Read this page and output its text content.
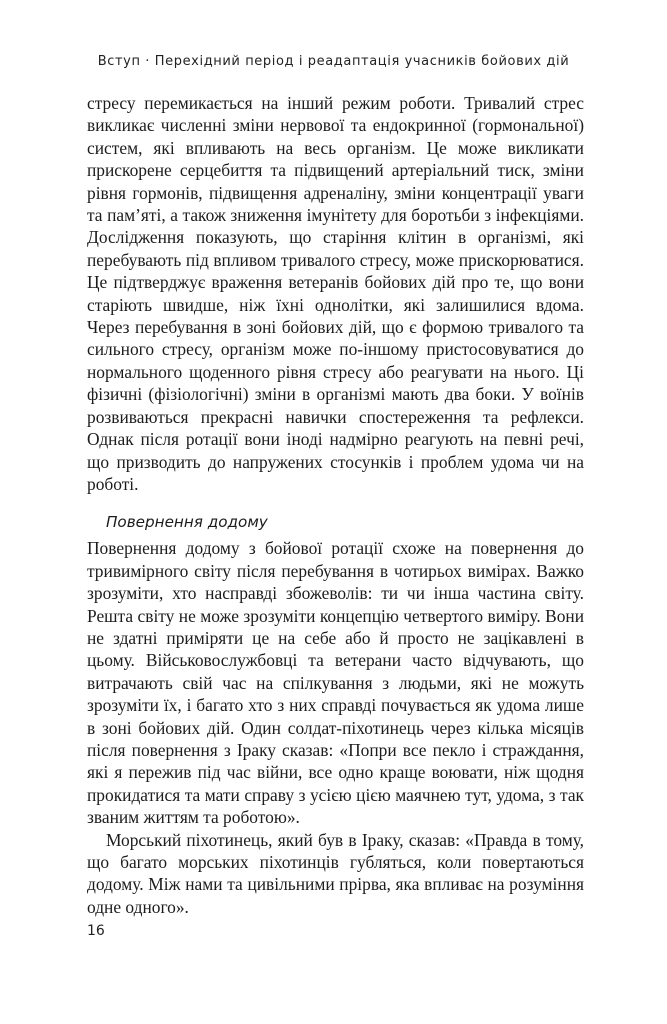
Вступ · Перехідний період і реадаптація учасників бойових дій

стресу перемикається на інший режим роботи. Тривалий стрес викликає численні зміни нервової та ендокринної (гормональної) систем, які впливають на весь організм. Це може викликати прискорене серцебиття та підвищений артеріальний тиск, зміни рівня гормонів, підвищення адреналіну, зміни концентрації уваги та пам’яті, а також зниження імунітету для боротьби з інфекціями. Дослідження показують, що старіння клітин в організмі, які перебувають під впливом тривалого стресу, може прискорюватися. Це підтверджує враження ветеранів бойових дій про те, що вони старіють швидше, ніж їхні однолітки, які залишилися вдома. Через перебування в зоні бойових дій, що є формою тривалого та сильного стресу, організм може по-іншому пристосовуватися до нормального щоденного рівня стресу або реагувати на нього. Ці фізичні (фізіологічні) зміни в організмі мають два боки. У воїнів розвиваються прекрасні навички спостереження та рефлекси. Однак після ротації вони іноді надмірно реагують на певні речі, що призводить до напружених стосунків і проблем удома чи на роботі.

Повернення додому

Повернення додому з бойової ротації схоже на повернення до тривимірного світу після перебування в чотирьох вимірах. Важко зрозуміти, хто насправді збожеволів: ти чи інша частина світу. Решта світу не може зрозуміти концепцію четвертого виміру. Вони не здатні приміряти це на себе або й просто не зацікавлені в цьому. Військовослужбовці та ветерани часто відчувають, що витрачають свій час на спілкування з людьми, які не можуть зрозуміти їх, і багато хто з них справді почувається як удома лише в зоні бойових дій. Один солдат-піхотинець через кілька місяців після повернення з Іраку сказав: «Попри все пекло і страждання, які я пережив під час війни, все одно краще воювати, ніж щодня прокидатися та мати справу з усією цією маячнею тут, удома, з так званим життям та роботою».

Морський піхотинець, який був в Іраку, сказав: «Правда в тому, що багато морських піхотинців губляться, коли повертаються додому. Між нами та цивільними прірва, яка впливає на розуміння одне одного».

16
